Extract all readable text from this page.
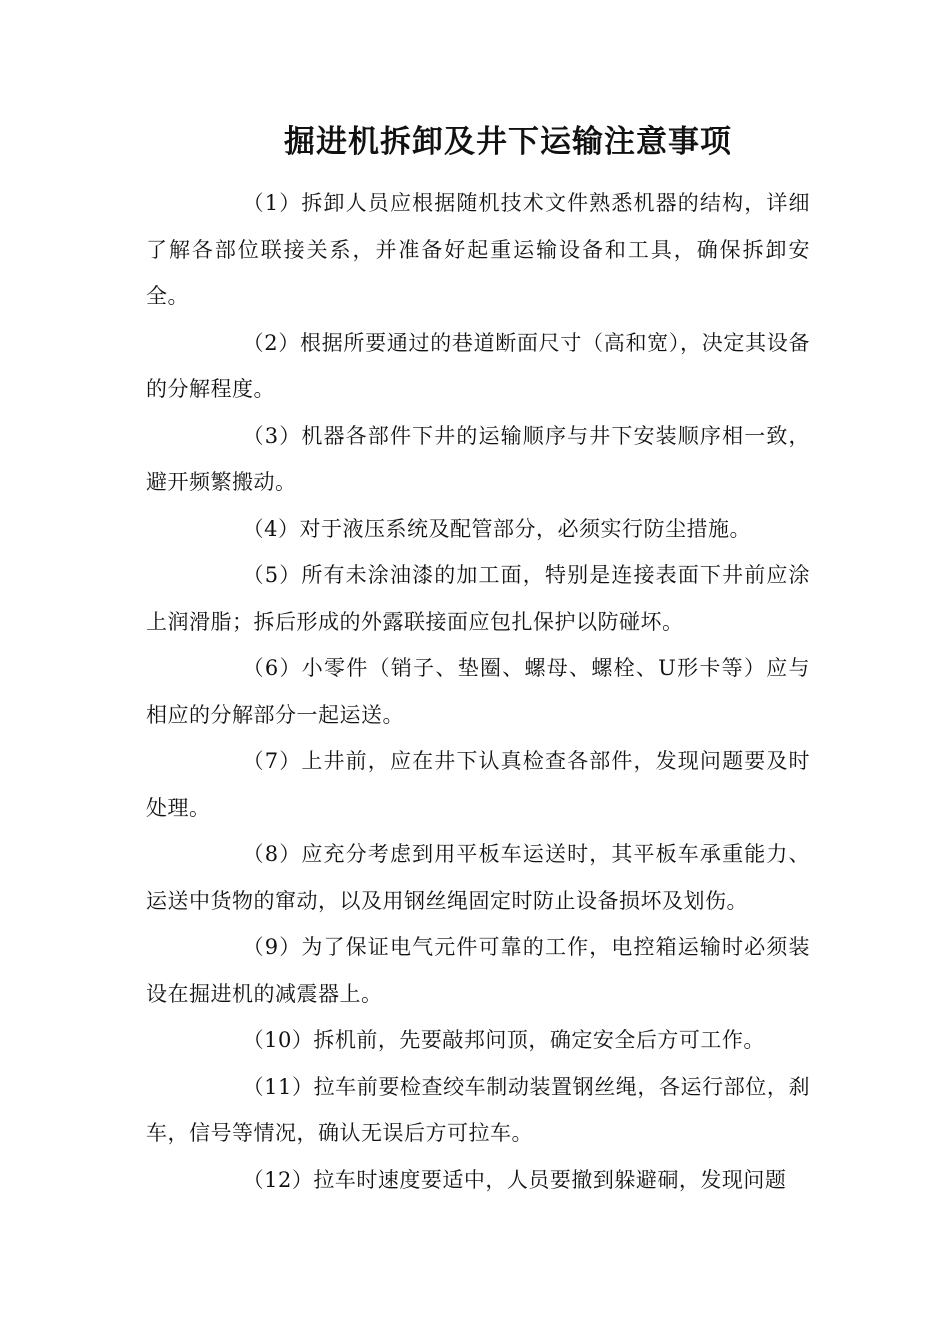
掘进机拆卸及井下运输注意事项

（1）拆卸人员应根据随机技术文件熟悉机器的结构，详细了解各部位联接关系，并准备好起重运输设备和工具，确保拆卸安全。

（2）根据所要通过的巷道断面尺寸（高和宽），决定其设备的分解程度。

（3）机器各部件下井的运输顺序与井下安装顺序相一致，避开频繁搬动。

（4）对于液压系统及配管部分，必须实行防尘措施。

（5）所有未涂油漆的加工面，特别是连接表面下井前应涂上润滑脂；拆后形成的外露联接面应包扎保护以防碰坏。

（6）小零件（销子、垫圈、螺母、螺栓、U形卡等）应与相应的分解部分一起运送。

（7）上井前，应在井下认真检查各部件，发现问题要及时处理。

（8）应充分考虑到用平板车运送时，其平板车承重能力、运送中货物的窜动，以及用钢丝绳固定时防止设备损坏及划伤。

（9）为了保证电气元件可靠的工作，电控箱运输时必须装设在掘进机的减震器上。

（10）拆机前，先要敲邦问顶，确定安全后方可工作。

（11）拉车前要检查绞车制动装置钢丝绳，各运行部位，刹车，信号等情况，确认无误后方可拉车。

（12）拉车时速度要适中，人员要撤到躲避硐，发现问题
